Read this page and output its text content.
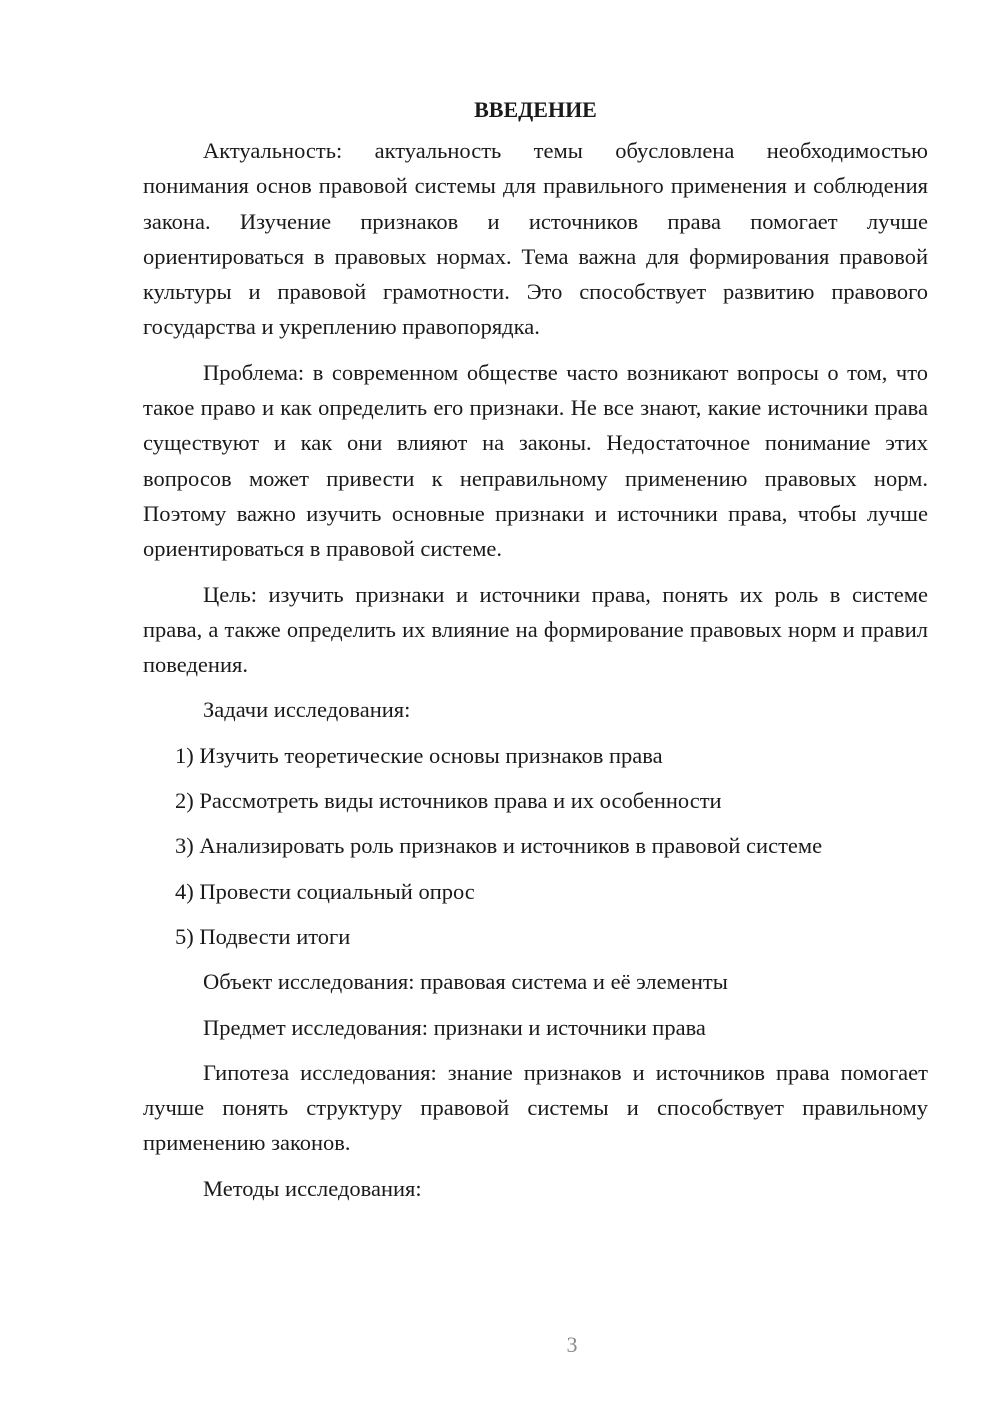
ВВЕДЕНИЕ
Актуальность: актуальность темы обусловлена необходимостью понимания основ правовой системы для правильного применения и соблюдения закона. Изучение признаков и источников права помогает лучше ориентироваться в правовых нормах. Тема важна для формирования правовой культуры и правовой грамотности. Это способствует развитию правового государства и укреплению правопорядка.
Проблема: в современном обществе часто возникают вопросы о том, что такое право и как определить его признаки. Не все знают, какие источники права существуют и как они влияют на законы. Недостаточное понимание этих вопросов может привести к неправильному применению правовых норм. Поэтому важно изучить основные признаки и источники права, чтобы лучше ориентироваться в правовой системе.
Цель: изучить признаки и источники права, понять их роль в системе права, а также определить их влияние на формирование правовых норм и правил поведения.
Задачи исследования:
1) Изучить теоретические основы признаков права
2) Рассмотреть виды источников права и их особенности
3) Анализировать роль признаков и источников в правовой системе
4) Провести социальный опрос
5) Подвести итоги
Объект исследования: правовая система и её элементы
Предмет исследования: признаки и источники права
Гипотеза исследования: знание признаков и источников права помогает лучше понять структуру правовой системы и способствует правильному применению законов.
Методы исследования:
3
